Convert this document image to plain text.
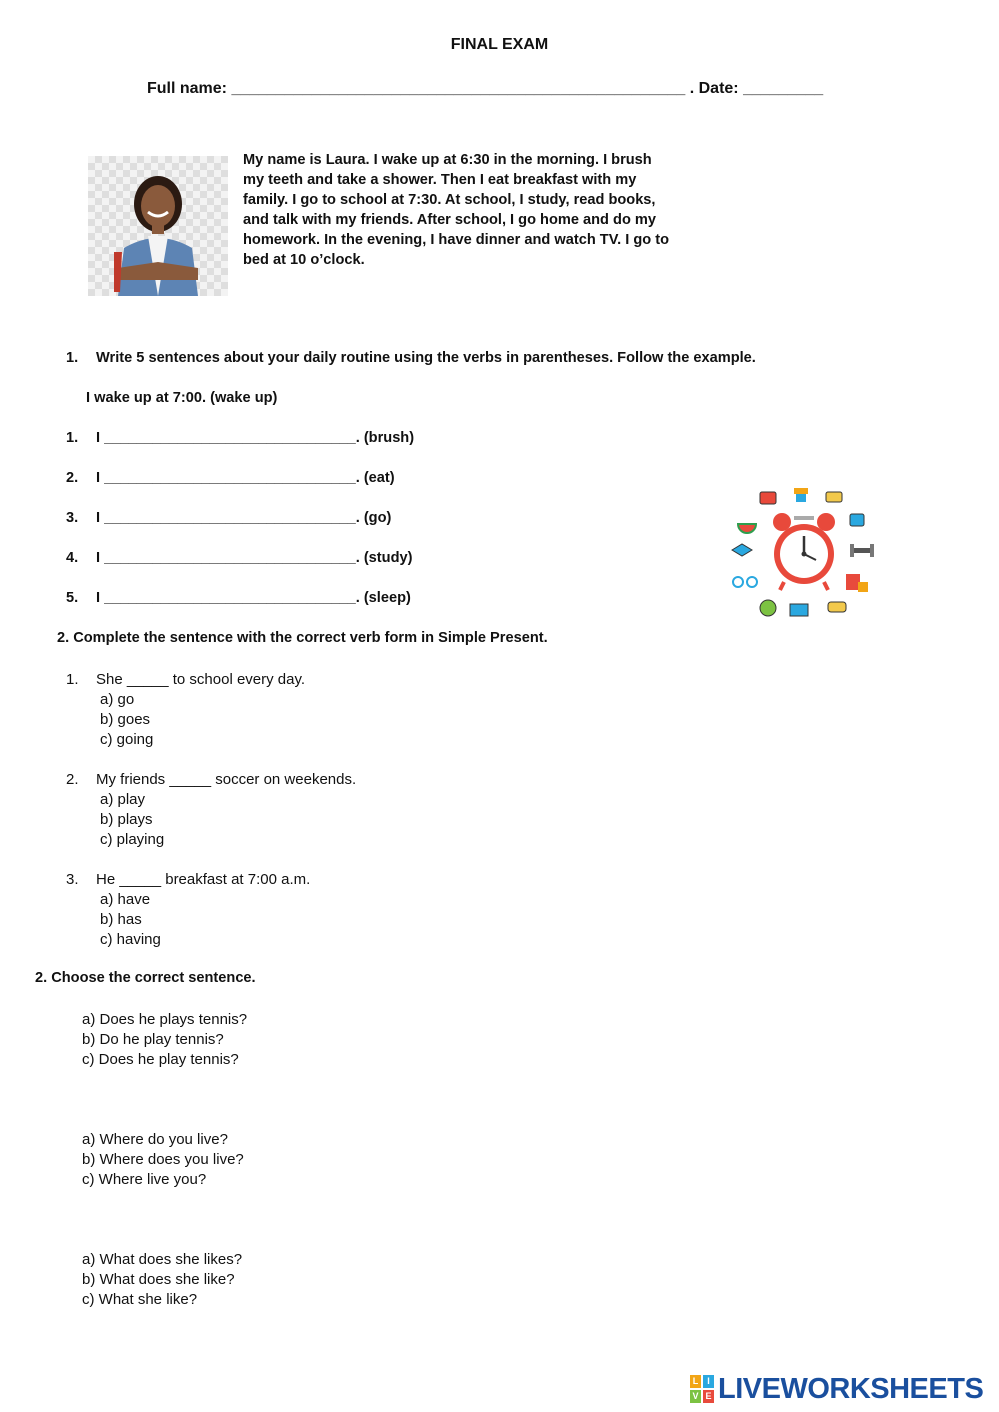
FINAL EXAM
Full name: ___________________________________________________ . Date: _________
My name is Laura. I wake up at 6:30 in the morning. I brush
my teeth and take a shower. Then I eat breakfast with my
family. I go to school at 7:30. At school, I study, read books,
and talk with my friends. After school, I go home and do my
homework. In the evening, I have dinner and watch TV. I go to
bed at 10 o’clock.
1. Write 5 sentences about your daily routine using the verbs in parentheses. Follow the example.
I wake up at 7:00. (wake up)
1. I _______________________________. (brush)
2. I _______________________________. (eat)
3. I _______________________________. (go)
4. I _______________________________. (study)
5. I _______________________________. (sleep)
2. Complete the sentence with the correct verb form in Simple Present.
1. She _____ to school every day.
a) go
b) goes
c) going
2. My friends _____ soccer on weekends.
a) play
b) plays
c) playing
3. He _____ breakfast at 7:00 a.m.
a) have
b) has
c) having
2. Choose the correct sentence.
a) Does he plays tennis?
b) Do he play tennis?
c) Does he play tennis?
a) Where do you live?
b) Where does you live?
c) Where live you?
a) What does she likes?
b) What does she like?
c) What she like?
L I
V E LIVEWORKSHEETS
